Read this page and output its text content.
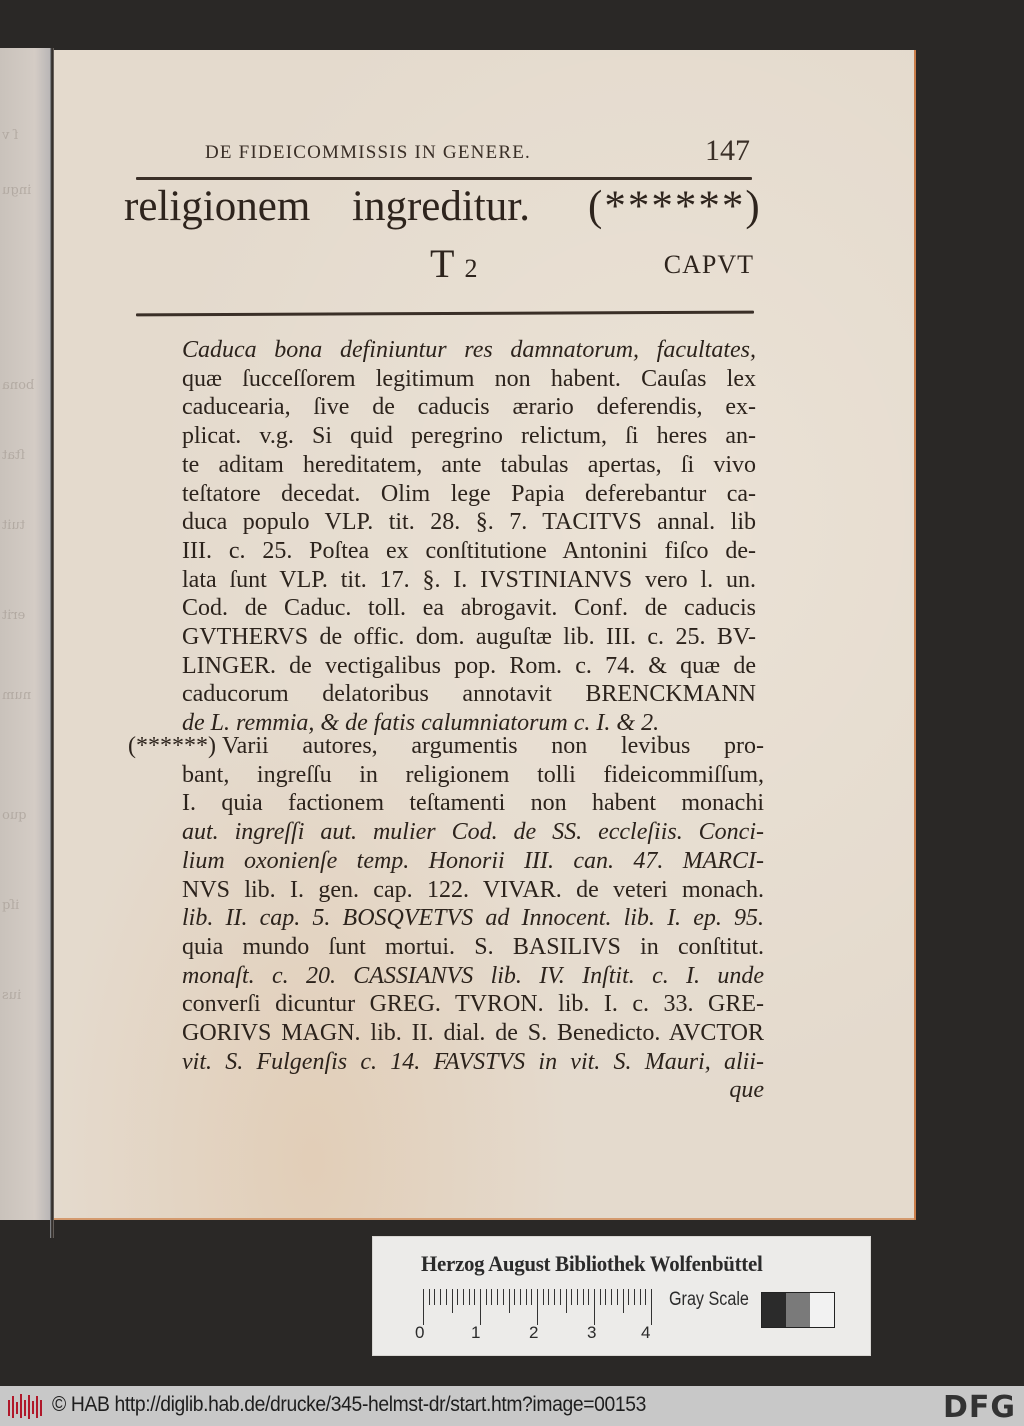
ſ v
ingu
bona
ſtat
tuit
erit
num
quo
iſq
ius
DE FIDEICOMMISSIS IN GENERE.	147
religionem ingreditur. (******)
T 2	CAPVT
Caduca bona definiuntur res damnatorum, facultates,
quæ ſucceſſorem legitimum non habent. Cauſas lex
caducearia, ſive de caducis ærario deferendis, ex-
plicat. v.g. Si quid peregrino relictum, ſi heres an-
te aditam hereditatem, ante tabulas apertas, ſi vivo
teſtatore decedat. Olim lege Papia deferebantur ca-
duca populo VLP. tit. 28. §. 7. TACITVS annal. lib
III. c. 25. Poſtea ex conſtitutione Antonini fiſco de-
lata ſunt VLP. tit. 17. §. I. IVSTINIANVS vero l. un.
Cod. de Caduc. toll. ea abrogavit. Conf. de caducis
GVTHERVS de offic. dom. auguſtæ lib. III. c. 25. BV-
LINGER. de vectigalibus pop. Rom. c. 74. & quæ de
caducorum delatoribus annotavit BRENCKMANN
de L. remmia, & de fatis calumniatorum c. I. & 2.
(******) Varii autores, argumentis non levibus pro-
bant, ingreſſu in religionem tolli fideicommiſſum,
I. quia factionem teſtamenti non habent monachi
aut. ingreſſi aut. mulier Cod. de SS. eccleſiis. Conci-
lium oxonienſe temp. Honorii III. can. 47. MARCI-
NVS lib. I. gen. cap. 122. VIVAR. de veteri monach.
lib. II. cap. 5. BOSQVETVS ad Innocent. lib. I. ep. 95.
quia mundo ſunt mortui. S. BASILIVS in conſtitut.
monaſt. c. 20. CASSIANVS lib. IV. Inſtit. c. I. unde
converſi dicuntur GREG. TVRON. lib. I. c. 33. GRE-
GORIVS MAGN. lib. II. dial. de S. Benedicto. AVCTOR
vit. S. Fulgenſis c. 14. FAVSTVS in vit. S. Mauri, alii-
que
Herzog August Bibliothek Wolfenbüttel
0	1	2	3	4
Gray Scale
© HAB http://diglib.hab.de/drucke/345-helmst-dr/start.htm?image=00153	DFG
